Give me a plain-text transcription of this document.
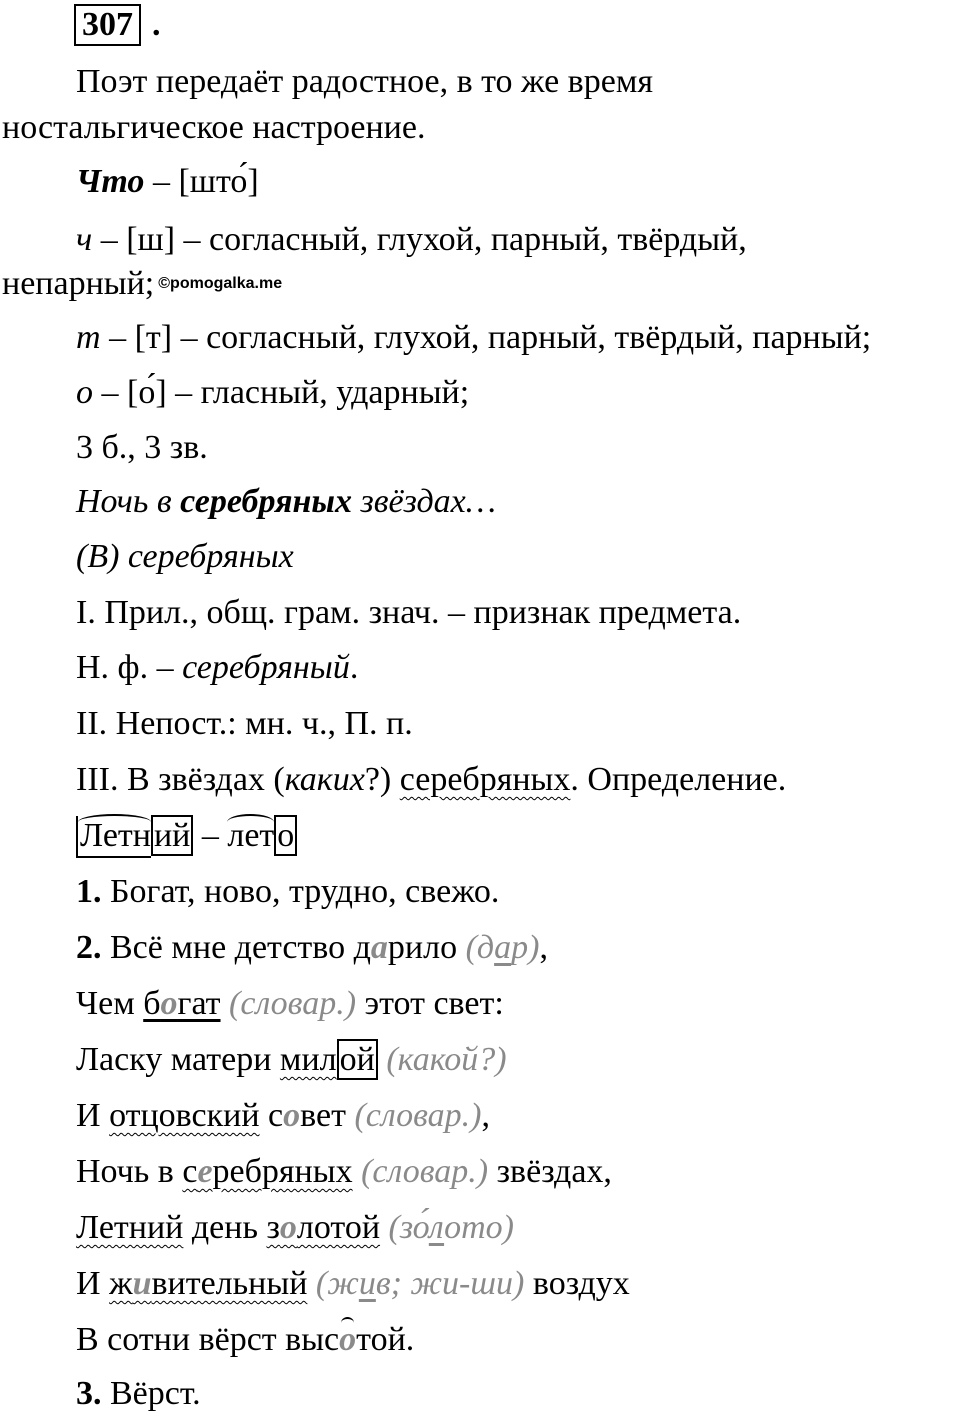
307 .
Поэт передаёт радостное, в то же время
ностальгическое настроение.
Что – [што́]
ч – [ш] – согласный, глухой, парный, твёрдый,
непарный; ©pomogalka.me
т – [т] – согласный, глухой, парный, твёрдый, парный;
о – [о́] – гласный, ударный;
3 б., 3 зв.
Ночь в серебряных звёздах…
(В) серебряных
I. Прил., общ. грам. знач. – признак предмета.
Н. ф. – серебряный.
II. Непост.: мн. ч., П. п.
III. В звёздах (каких?) серебряных. Определение.
Летний – лето
1. Богат, ново, трудно, свежо.
2. Всё мне детство дарило (дар),
Чем богат (словар.) этот свет:
Ласку матери милой (какой?)
И отцовский совет (словар.),
Ночь в серебряных (словар.) звёздах,
Летний день золотой (зо́лото)
И живительный (жив; жи-ши) воздух
В сотни вёрст высотой.
3. Вёрст.
